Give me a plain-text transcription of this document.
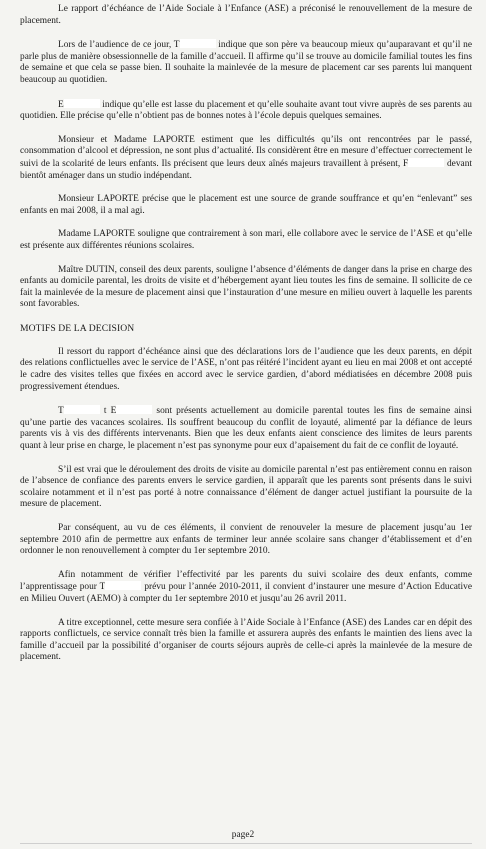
Le rapport d’échéance de l’Aide Sociale à l’Enfance (ASE) a préconisé le renouvellement de la mesure de placement.

Lors de l’audience de ce jour, T	indique que son père va beaucoup mieux qu’auparavant et qu’il ne parle plus de manière obsessionnelle de la famille d’accueil. Il affirme qu’il se trouve au domicile familial toutes les fins de semaine et que cela se passe bien. Il souhaite la mainlevée de la mesure de placement car ses parents lui manquent beaucoup au quotidien.

E	indique qu’elle est lasse du placement et qu’elle souhaite avant tout vivre auprès de ses parents au quotidien. Elle précise qu’elle n’obtient pas de bonnes notes à l’école depuis quelques semaines.

Monsieur et Madame LAPORTE estiment que les difficultés qu’ils ont rencontrées par le passé, consommation d’alcool et dépression, ne sont plus d’actualité. Ils considèrent être en mesure d’effectuer correctement le suivi de la scolarité de leurs enfants. Ils précisent que leurs deux aînés majeurs travaillent à présent, F	devant bientôt aménager dans un studio indépendant.

Monsieur LAPORTE précise que le placement est une source de grande souffrance et qu’en “enlevant” ses enfants en mai 2008, il a mal agi.

Madame LAPORTE souligne que contrairement à son mari, elle collabore avec le service de l’ASE et qu’elle est présente aux différentes réunions scolaires.

Maître DUTIN, conseil des deux parents, souligne l’absence d’éléments de danger dans la prise en charge des enfants au domicile parental, les droits de visite et d’hébergement ayant lieu toutes les fins de semaine. Il sollicite de ce fait la mainlevée de la mesure de placement ainsi que l’instauration d’une mesure en milieu ouvert à laquelle les parents sont favorables.

MOTIFS DE LA DECISION

Il ressort du rapport d’échéance ainsi que des déclarations lors de l’audience que les deux parents, en dépit des relations conflictuelles avec le service de l’ASE, n’ont pas réitéré l’incident ayant eu lieu en mai 2008 et ont accepté le cadre des visites telles que fixées en accord avec le service gardien, d’abord médiatisées en décembre 2008 puis progressivement étendues.

T	t E	sont présents actuellement au domicile parental toutes les fins de semaine ainsi qu’une partie des vacances scolaires. Ils souffrent beaucoup du conflit de loyauté, alimenté par la défiance de leurs parents vis à vis des différents intervenants. Bien que les deux enfants aient conscience des limites de leurs parents quant à leur prise en charge, le placement n’est pas synonyme pour eux d’apaisement du fait de ce conflit de loyauté.

S’il est vrai que le déroulement des droits de visite au domicile parental n’est pas entièrement connu en raison de l’absence de confiance des parents envers le service gardien, il apparaît que les parents sont présents dans le suivi scolaire notamment et il n’est pas porté à notre connaissance d’élément de danger actuel justifiant la poursuite de la mesure de placement.

Par conséquent, au vu de ces éléments, il convient de renouveler la mesure de placement jusqu’au 1er septembre 2010 afin de permettre aux enfants de terminer leur année scolaire sans changer d’établissement et d’en ordonner le non renouvellement à compter du 1er septembre 2010.

Afin notamment de vérifier l’effectivité par les parents du suivi scolaire des deux enfants, comme l’apprentissage pour T	prévu pour l’année 2010-2011, il convient d’instaurer une mesure d’Action Educative en Milieu Ouvert (AEMO) à compter du 1er septembre 2010 et jusqu’au 26 avril 2011.

A titre exceptionnel, cette mesure sera confiée à l’Aide Sociale à l’Enfance (ASE) des Landes car en dépit des rapports conflictuels, ce service connaît très bien la famille et assurera auprès des enfants le maintien des liens avec la famille d’accueil par la possibilité d’organiser de courts séjours auprès de celle-ci après la mainlevée de la mesure de placement.

page2
